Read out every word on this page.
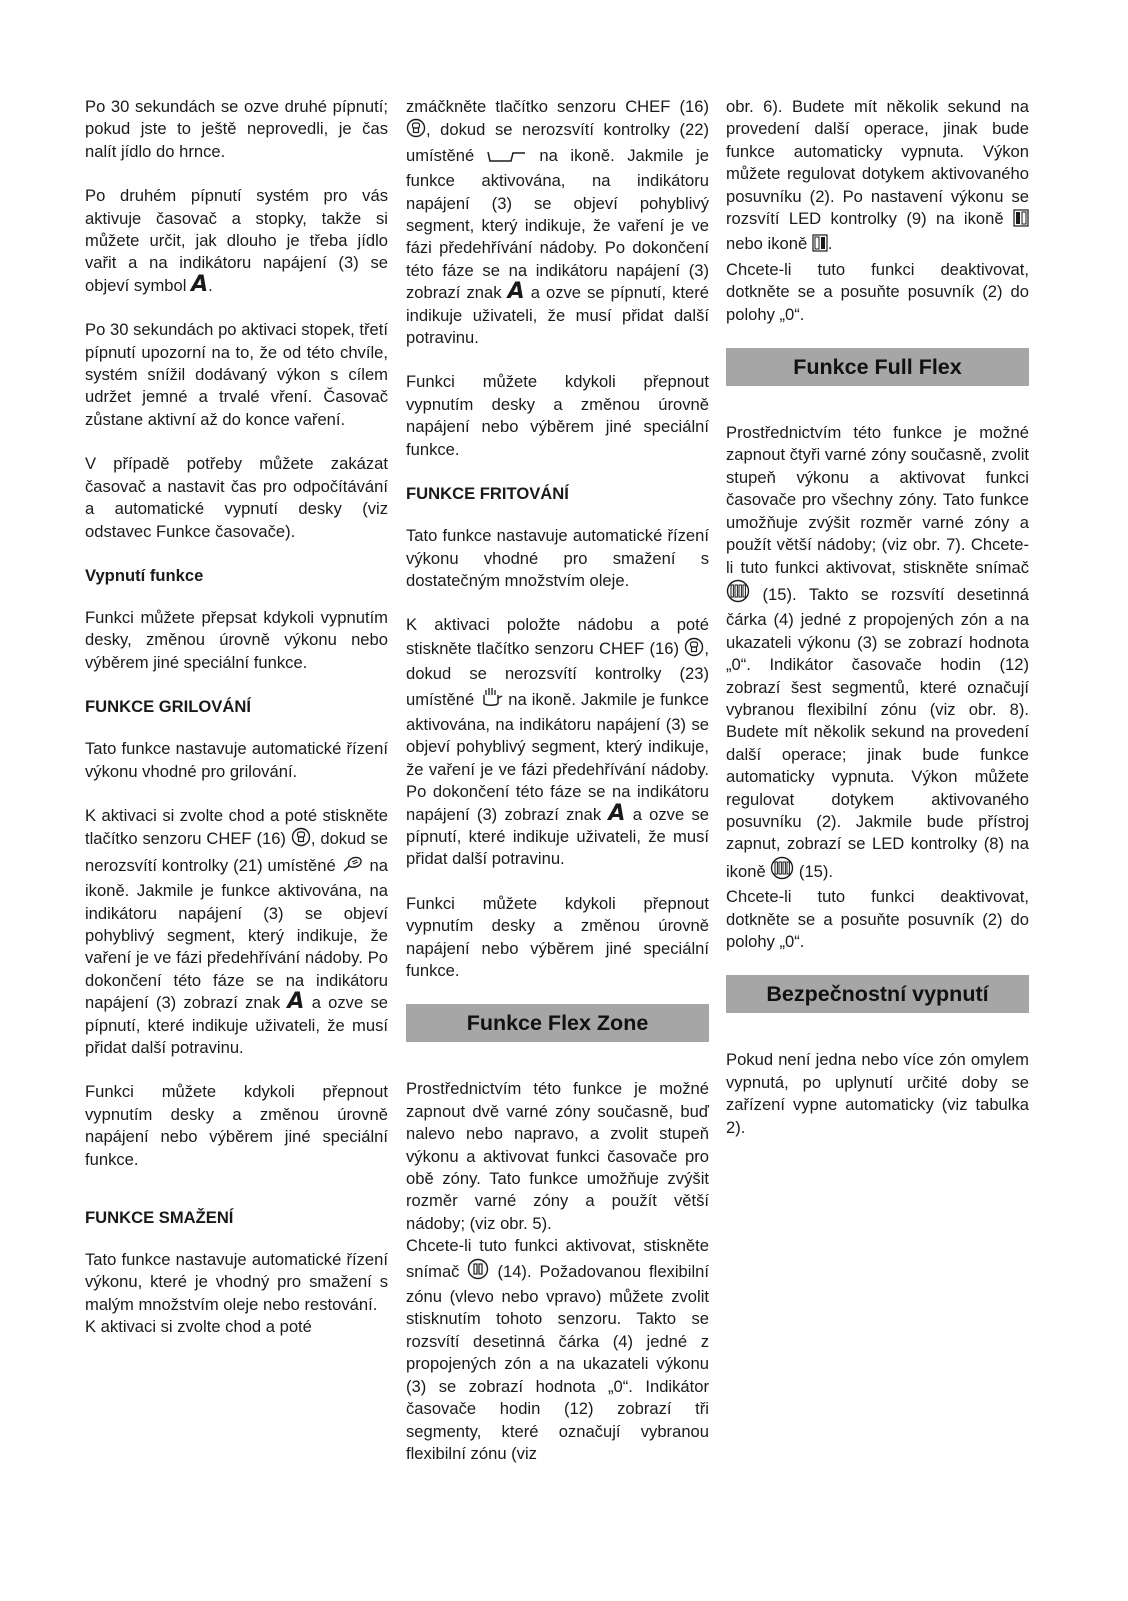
Po 30 sekundách se ozve druhé pípnutí; pokud jste to ještě neprovedli, je čas nalít jídlo do hrnce.

Po druhém pípnutí systém pro vás aktivuje časovač a stopky, takže si můžete určit, jak dlouho je třeba jídlo vařit a na indikátoru napájení (3) se objeví symbol A.

Po 30 sekundách po aktivaci stopek, třetí pípnutí upozorní na to, že od této chvíle, systém snížil dodávaný výkon s cílem udržet jemné a trvalé vření. Časovač zůstane aktivní až do konce vaření.

V případě potřeby můžete zakázat časovač a nastavit čas pro odpočítávání a automatické vypnutí desky (viz odstavec Funkce časovače).

Vypnutí funkce

Funkci můžete přepsat kdykoli vypnutím desky, změnou úrovně výkonu nebo výběrem jiné speciální funkce.

FUNKCE GRILOVÁNÍ

Tato funkce nastavuje automatické řízení výkonu vhodné pro grilování.

K aktivaci si zvolte chod a poté stiskněte tlačítko senzoru CHEF (16) , dokud se nerozsvítí kontrolky (21) umístěné na ikoně. Jakmile je funkce aktivována, na indikátoru napájení (3) se objeví pohyblivý segment, který indikuje, že vaření je ve fázi předehřívání nádoby. Po dokončení této fáze se na indikátoru napájení (3) zobrazí znak A a ozve se pípnutí, které indikuje uživateli, že musí přidat další potravinu.

Funkci můžete kdykoli přepnout vypnutím desky a změnou úrovně napájení nebo výběrem jiné speciální funkce.

FUNKCE SMAŽENÍ

Tato funkce nastavuje automatické řízení výkonu, které je vhodný pro smažení s malým množstvím oleje nebo restování.

K aktivaci si zvolte chod a poté

zmáčkněte tlačítko senzoru CHEF (16), dokud se nerozsvítí kontrolky (22) umístěné	na ikoně. Jakmile je funkce aktivována, na indikátoru napájení (3) se objeví pohyblivý segment, který indikuje, že vaření je ve fázi předehřívání nádoby. Po dokončení této fáze se na indikátoru napájení (3) zobrazí znak A a ozve se pípnutí, které indikuje uživateli, že musí přidat další potravinu.

Funkci můžete kdykoli přepnout vypnutím desky a změnou úrovně napájení nebo výběrem jiné speciální funkce.

FUNKCE FRITOVÁNÍ

Tato funkce nastavuje automatické řízení výkonu vhodné pro smažení s dostatečným množstvím oleje.

K aktivaci položte nádobu a poté stiskněte tlačítko senzoru CHEF (16) , dokud se nerozsvítí kontrolky (23) umístěné na ikoně. Jakmile je funkce aktivována, na indikátoru napájení (3) se objeví pohyblivý segment, který indikuje, že vaření je ve fázi předehřívání nádoby. Po dokončení této fáze se na indikátoru napájení (3) zobrazí znak A a ozve se pípnutí, které indikuje uživateli, že musí přidat další potravinu.

Funkci můžete kdykoli přepnout vypnutím desky a změnou úrovně napájení nebo výběrem jiné speciální funkce.

Funkce Flex Zone

Prostřednictvím této funkce je možné zapnout dvě varné zóny současně, buď nalevo nebo napravo, a zvolit stupeň výkonu a aktivovat funkci časovače pro obě zóny. Tato funkce umožňuje zvýšit rozměr varné zóny a použít větší nádoby; (viz obr. 5).

Chcete-li tuto funkci aktivovat, stiskněte snímač (14). Požadovanou flexibilní zónu (vlevo nebo vpravo) můžete zvolit stisknutím tohoto senzoru. Takto se rozsvítí desetinná čárka (4) jedné z propojených zón a na ukazateli výkonu (3) se zobrazí hodnota „0“. Indikátor časovače hodin (12) zobrazí tři segmenty, které označují vybranou flexibilní zónu (viz

obr. 6). Budete mít několik sekund na provedení další operace, jinak bude funkce automaticky vypnuta. Výkon můžete regulovat dotykem aktivovaného posuvníku (2). Po nastavení výkonu se rozsvítí LED kontrolky (9) na ikoně  nebo ikoně .

Chcete-li tuto funkci deaktivovat, dotkněte se a posuňte posuvník (2) do polohy „0“.

Funkce Full Flex

Prostřednictvím této funkce je možné zapnout čtyři varné zóny současně, zvolit stupeň výkonu a aktivovat funkci časovače pro všechny zóny. Tato funkce umožňuje zvýšit rozměr varné zóny a použít větší nádoby; (viz obr. 7). Chcete-li tuto funkci aktivovat, stiskněte snímač  (15). Takto se rozsvítí desetinná čárka (4) jedné z propojených zón a na ukazateli výkonu (3) se zobrazí hodnota „0“. Indikátor časovače hodin (12) zobrazí šest segmentů, které označují vybranou flexibilní zónu (viz obr. 8). Budete mít několik sekund na provedení další operace; jinak bude funkce automaticky vypnuta. Výkon můžete regulovat dotykem aktivovaného posuvníku (2). Jakmile bude přístroj zapnut, zobrazí se LED kontrolky (8) na ikoně (15).

Chcete-li tuto funkci deaktivovat, dotkněte se a posuňte posuvník (2) do polohy „0“.

Bezpečnostní vypnutí

Pokud není jedna nebo více zón omylem vypnutá, po uplynutí určité doby se zařízení vypne automaticky (viz tabulka 2).
